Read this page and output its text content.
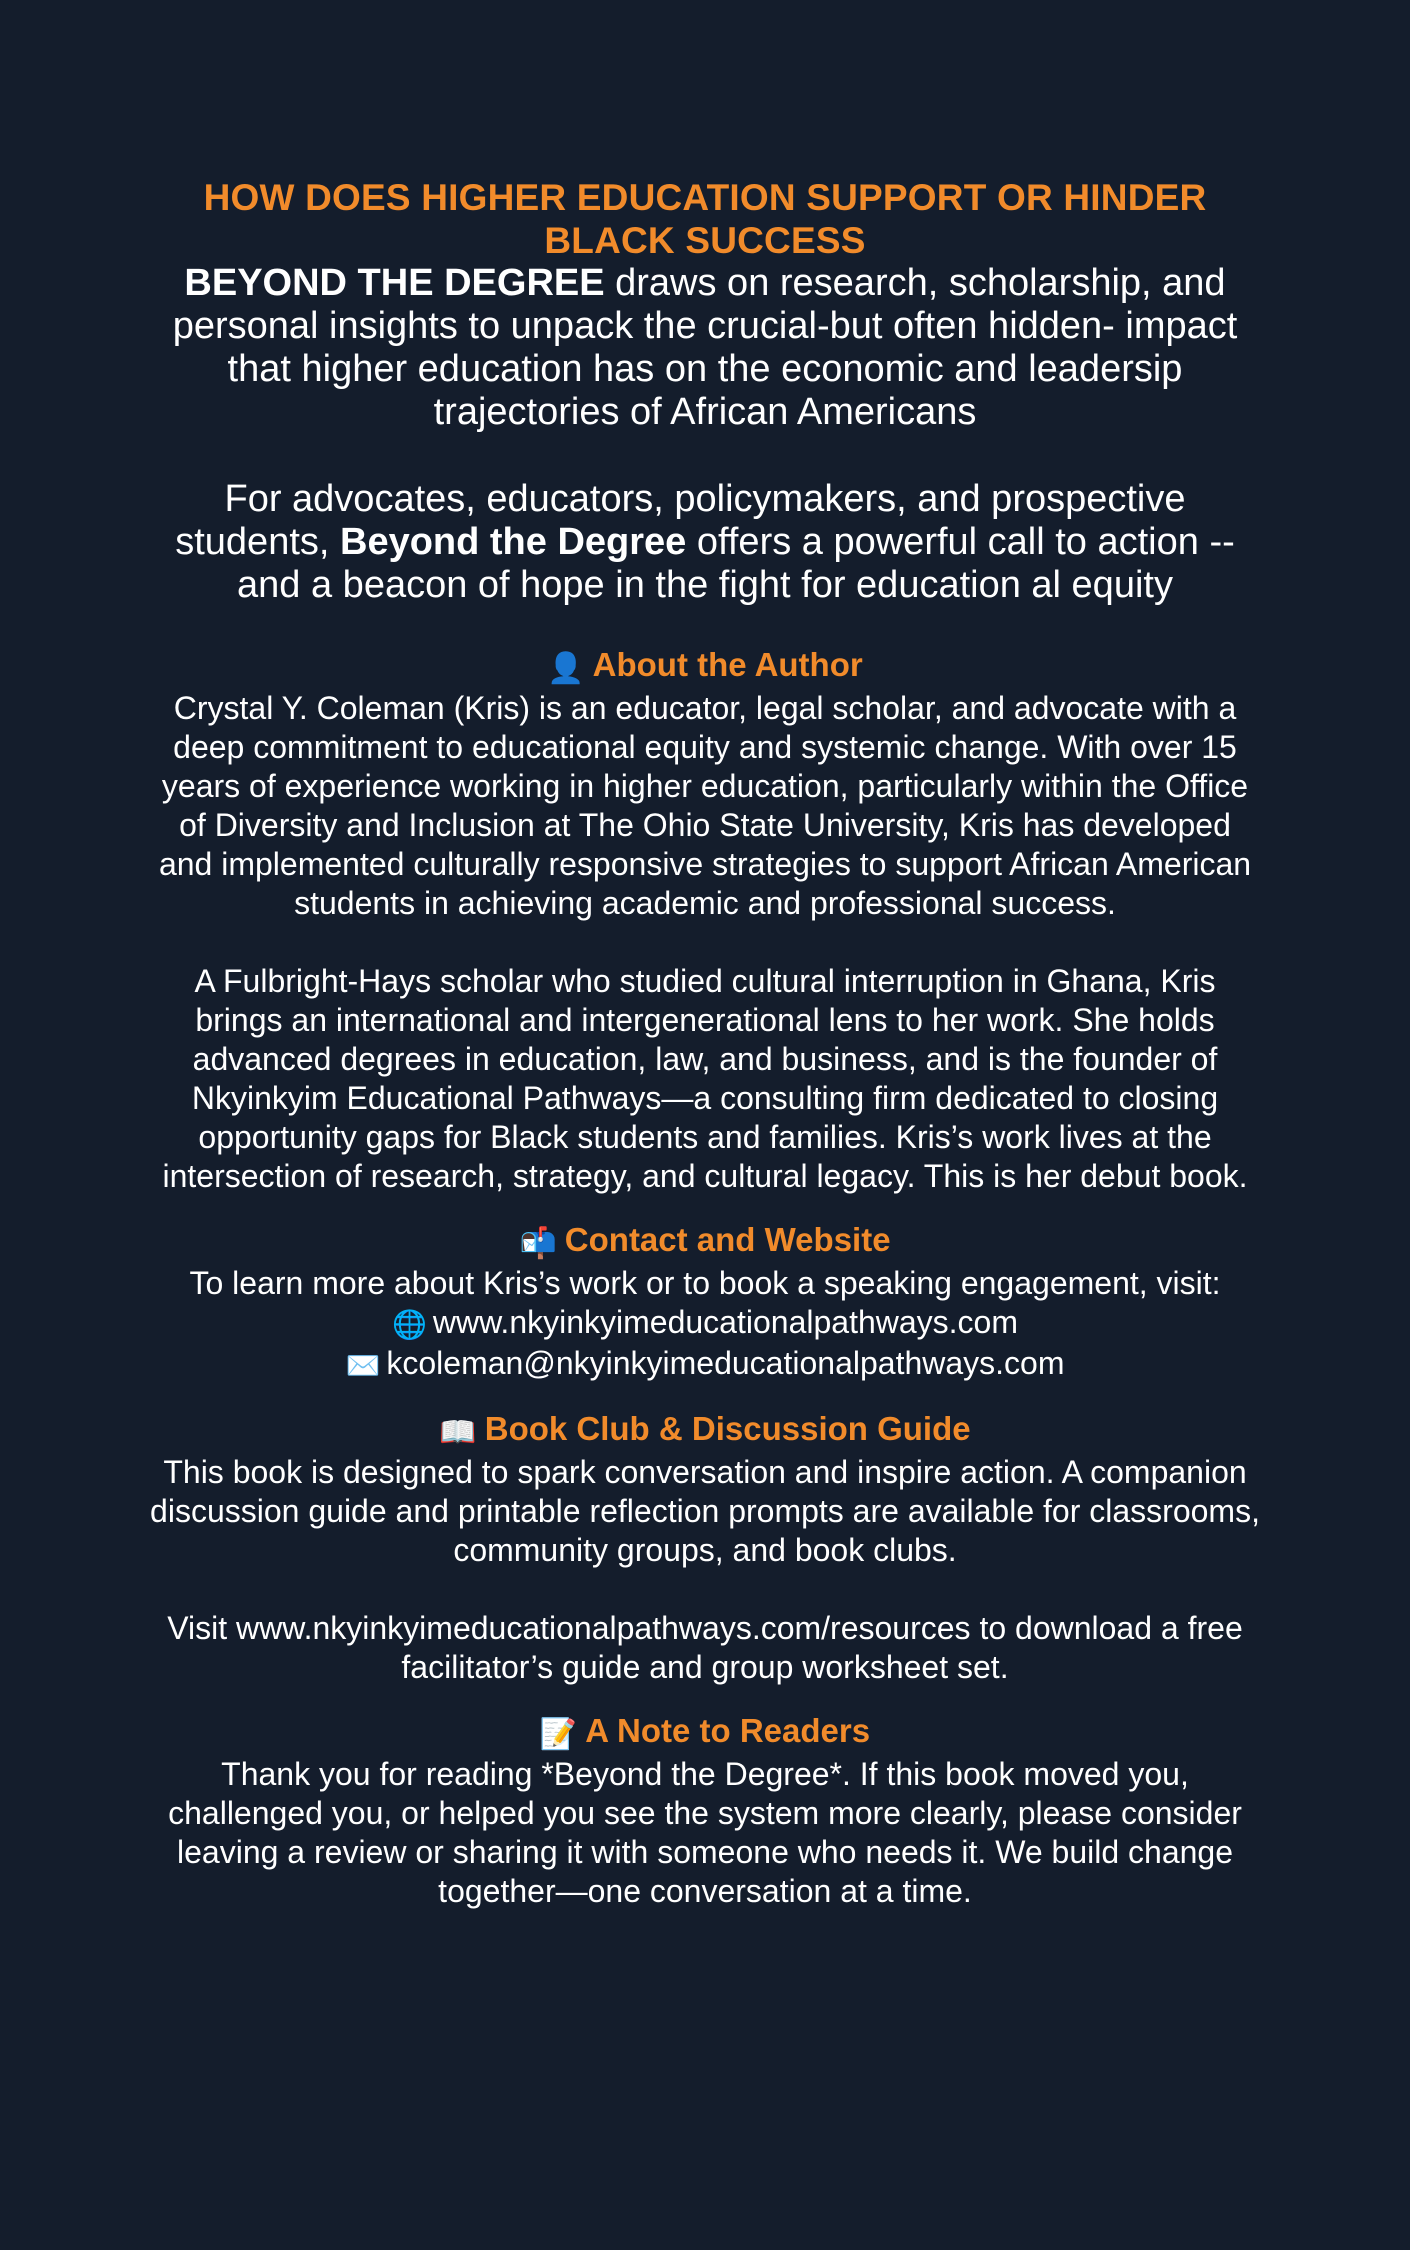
HOW DOES HIGHER EDUCATION SUPPORT OR HINDER BLACK SUCCESS

BEYOND THE DEGREE draws on research, scholarship, and personal insights to unpack the crucial-but often hidden- impact that higher education has on the economic and leadersip trajectories of African Americans

For advocates, educators, policymakers, and prospective students, Beyond the Degree offers a powerful call to action --and a beacon of hope in the fight for education al equity

👤 About the Author

Crystal Y. Coleman (Kris) is an educator, legal scholar, and advocate with a deep commitment to educational equity and systemic change. With over 15 years of experience working in higher education, particularly within the Office of Diversity and Inclusion at The Ohio State University, Kris has developed and implemented culturally responsive strategies to support African American students in achieving academic and professional success.

A Fulbright-Hays scholar who studied cultural interruption in Ghana, Kris brings an international and intergenerational lens to her work. She holds advanced degrees in education, law, and business, and is the founder of Nkyinkyim Educational Pathways—a consulting firm dedicated to closing opportunity gaps for Black students and families. Kris’s work lives at the intersection of research, strategy, and cultural legacy. This is her debut book.

📬 Contact and Website

To learn more about Kris’s work or to book a speaking engagement, visit:

🌐 www.nkyinkyimeducationalpathways.com

✉️ kcoleman@nkyinkyimeducationalpathways.com

📖 Book Club & Discussion Guide

This book is designed to spark conversation and inspire action. A companion discussion guide and printable reflection prompts are available for classrooms, community groups, and book clubs.

Visit www.nkyinkyimeducationalpathways.com/resources to download a free facilitator’s guide and group worksheet set.

📝 A Note to Readers

Thank you for reading *Beyond the Degree*. If this book moved you, challenged you, or helped you see the system more clearly, please consider leaving a review or sharing it with someone who needs it. We build change together—one conversation at a time.
